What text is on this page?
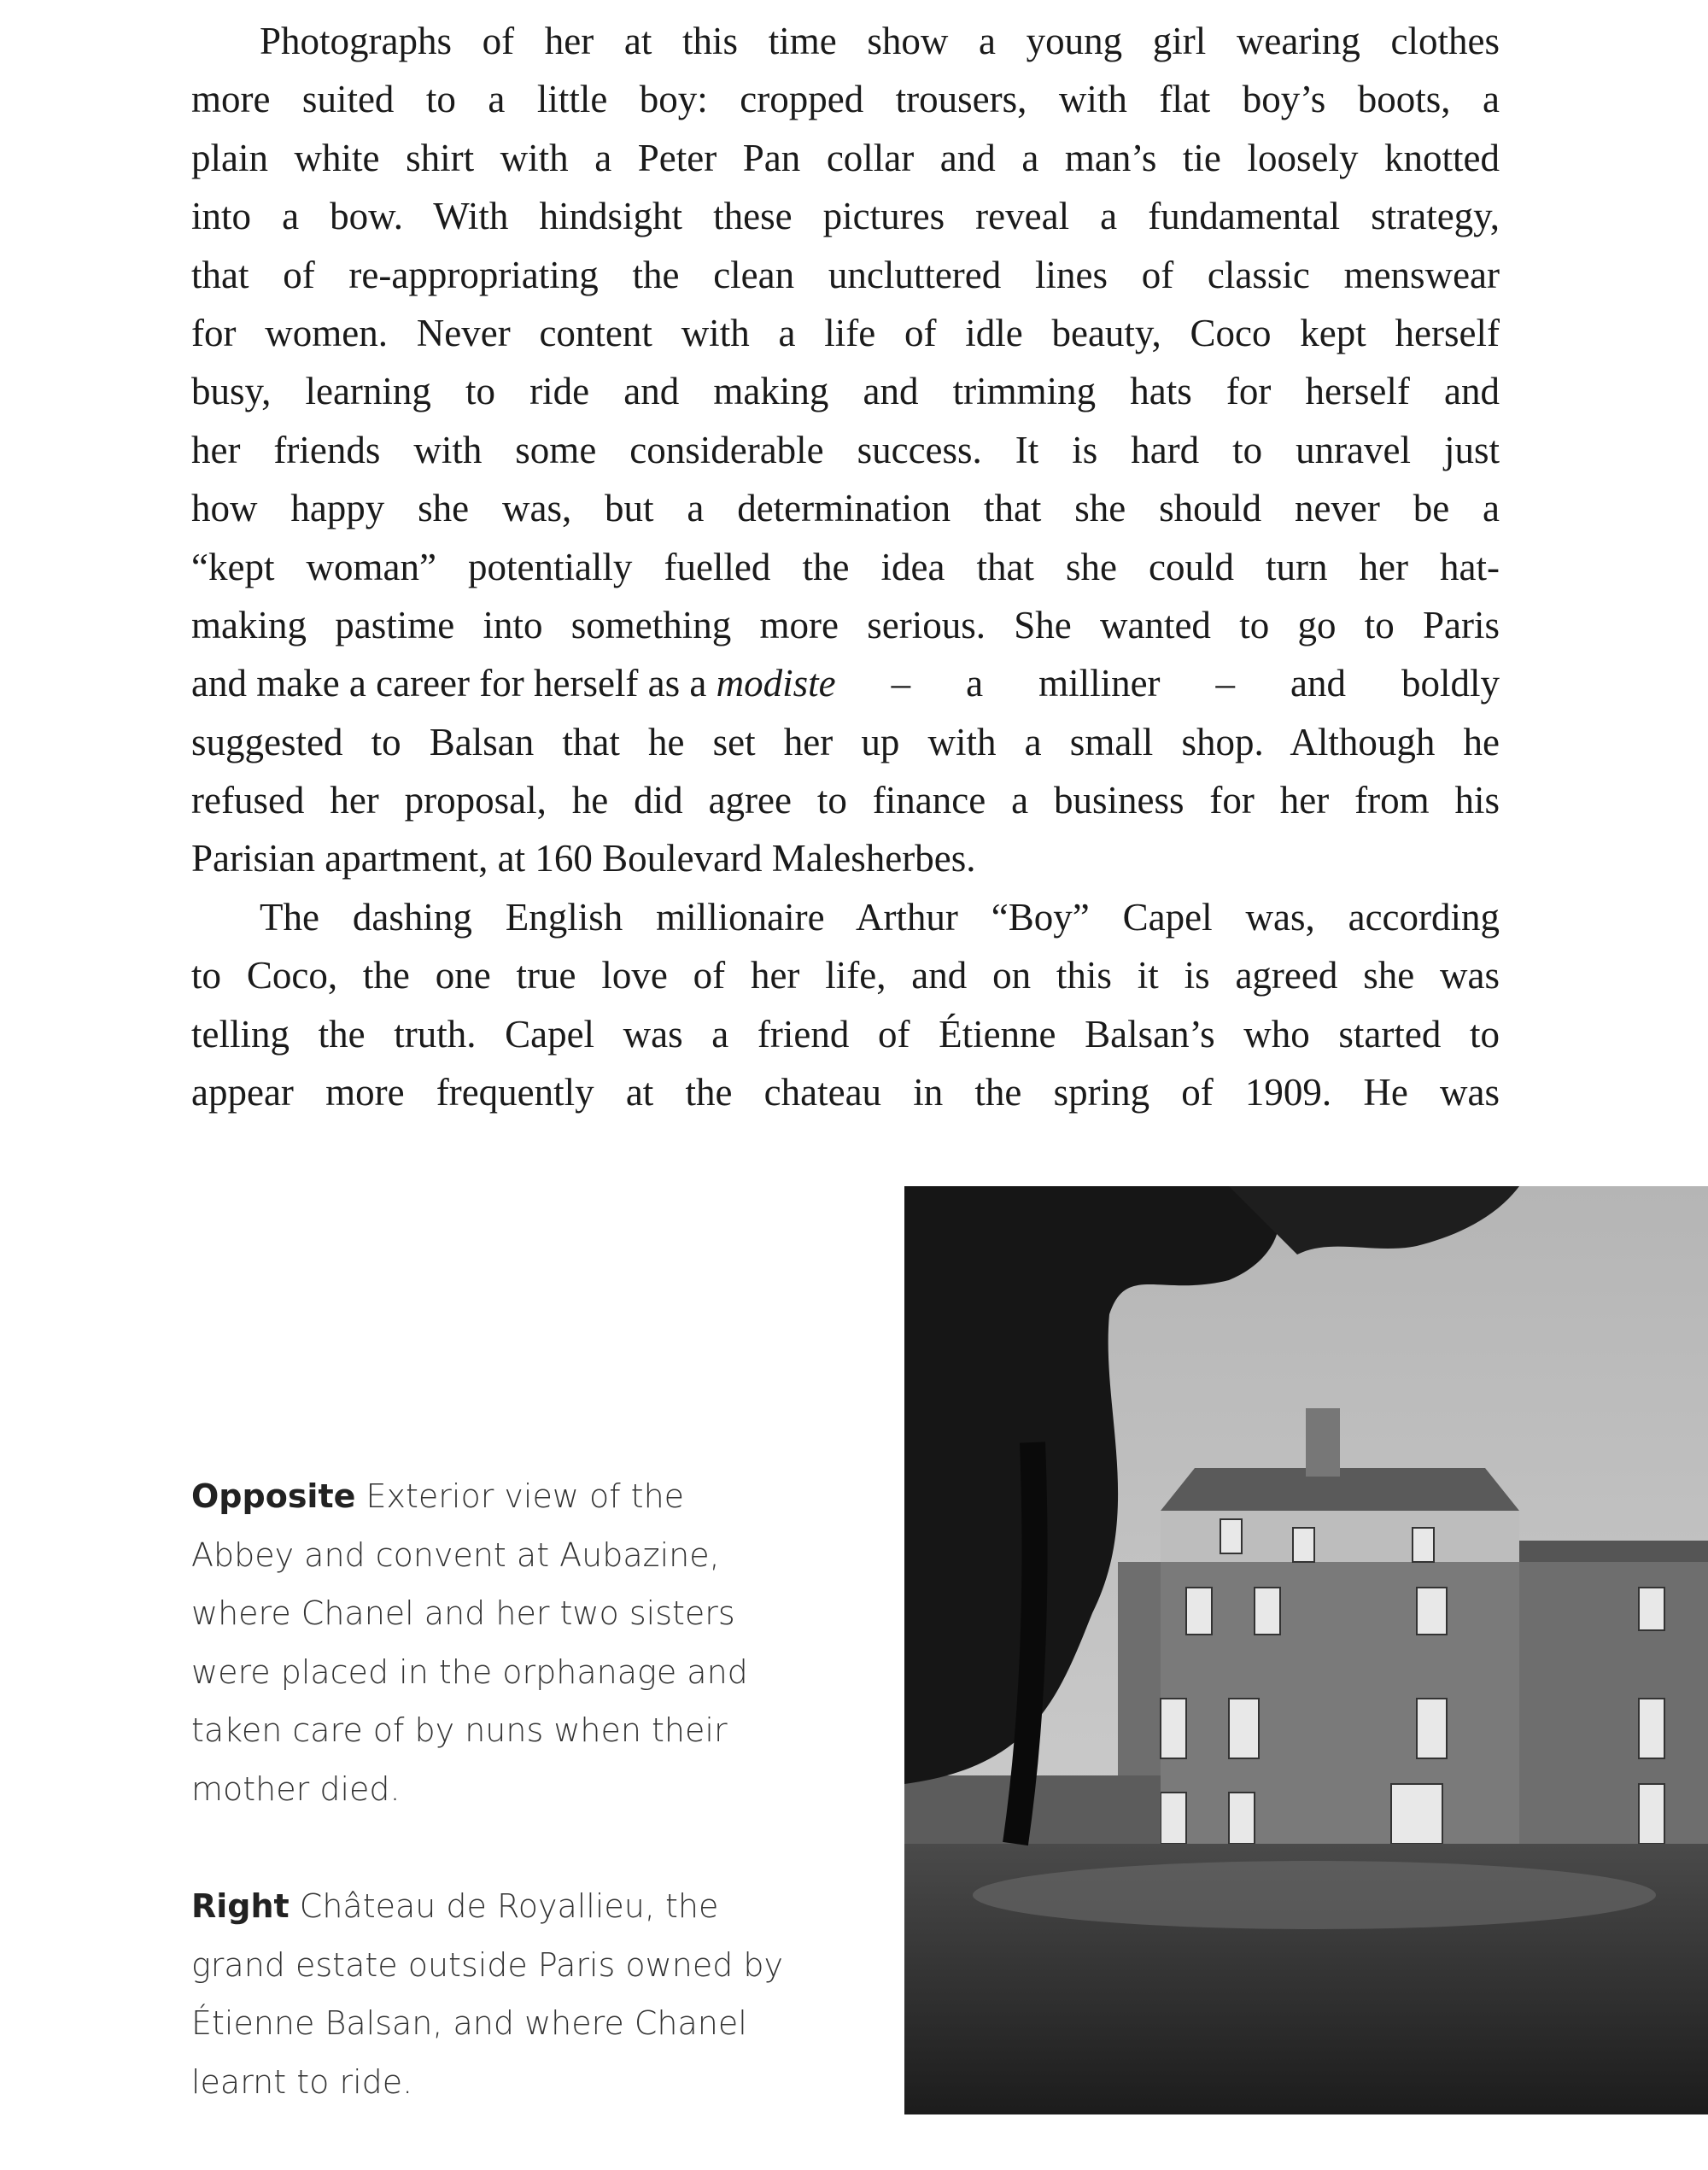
Photographs of her at this time show a young girl wearing clothes
more suited to a little boy: cropped trousers, with flat boy’s boots, a
plain white shirt with a Peter Pan collar and a man’s tie loosely knotted
into a bow. With hindsight these pictures reveal a fundamental strategy,
that of re-appropriating the clean uncluttered lines of classic menswear
for women. Never content with a life of idle beauty, Coco kept herself
busy, learning to ride and making and trimming hats for herself and
her friends with some considerable success. It is hard to unravel just
how happy she was, but a determination that she should never be a
“kept woman” potentially fuelled the idea that she could turn her hat-
making pastime into something more serious. She wanted to go to Paris
and make a career for herself as a modiste – a milliner – and boldly
suggested to Balsan that he set her up with a small shop. Although he
refused her proposal, he did agree to finance a business for her from his
Parisian apartment, at 160 Boulevard Malesherbes.
The dashing English millionaire Arthur “Boy” Capel was, according
to Coco, the one true love of her life, and on this it is agreed she was
telling the truth. Capel was a friend of Étienne Balsan’s who started to
appear more frequently at the chateau in the spring of 1909. He was
Opposite Exterior view of the
Abbey and convent at Aubazine,
where Chanel and her two sisters
were placed in the orphanage and
taken care of by nuns when their
mother died.
Right Château de Royallieu, the
grand estate outside Paris owned by
Étienne Balsan, and where Chanel
learnt to ride.
